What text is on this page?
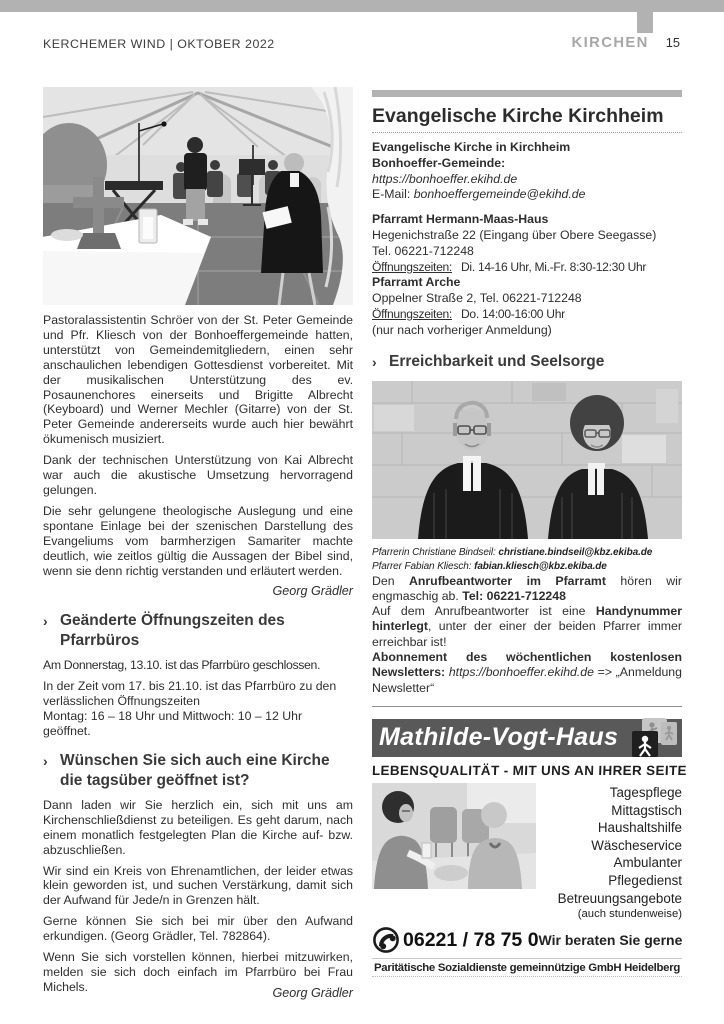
KERCHEMER WIND | OKTOBER 2022	KIRCHEN 15

Pastoralassistentin Schröer von der St. Peter Gemeinde und Pfr. Kliesch von der Bonhoeffergemeinde hatten, unterstützt von Gemeindemitgliedern, einen sehr anschaulichen lebendigen Gottesdienst vorbereitet. Mit der musikalischen Unterstützung des ev. Posaunenchores einerseits und Brigitte Albrecht (Keyboard) und Werner Mechler (Gitarre) von der St. Peter Gemeinde andererseits wurde auch hier bewährt ökumenisch musiziert.

Dank der technischen Unterstützung von Kai Albrecht war auch die akustische Umsetzung hervorragend gelungen.

Die sehr gelungene theologische Auslegung und eine spontane Einlage bei der szenischen Darstellung des Evangeliums vom barmherzigen Samariter machte deutlich, wie zeitlos gültig die Aussagen der Bibel sind, wenn sie denn richtig verstanden und erläutert werden.

Georg Grädler
› Geänderte Öffnungszeiten des Pfarrbüros

Am Donnerstag, 13.10. ist das Pfarrbüro geschlossen.

In der Zeit vom 17. bis 21.10. ist das Pfarrbüro zu den verlässlichen Öffnungszeiten
Montag: 16 – 18 Uhr und Mittwoch: 10 – 12 Uhr geöffnet.

› Wünschen Sie sich auch eine Kirche die tagsüber geöffnet ist?

Dann laden wir Sie herzlich ein, sich mit uns am Kirchenschließdienst zu beteiligen. Es geht darum, nach einem monatlich festgelegten Plan die Kirche auf- bzw. abzuschließen.

Wir sind ein Kreis von Ehrenamtlichen, der leider etwas klein geworden ist, und suchen Verstärkung, damit sich der Aufwand für Jede/n in Grenzen hält.

Gerne können Sie sich bei mir über den Aufwand erkundigen. (Georg Grädler, Tel. 782864).

Wenn Sie sich vorstellen können, hierbei mitzuwirken, melden sie sich doch einfach im Pfarrbüro bei Frau Michels.	Georg Grädler
Evangelische Kirche Kirchheim

Evangelische Kirche in Kirchheim

Bonhoeffer-Gemeinde:

https://bonhoeffer.ekihd.de

E-Mail: bonhoeffergemeinde@ekihd.de

Pfarramt Hermann-Maas-Haus

Hegenichstraße 22 (Eingang über Obere Seegasse)

Tel. 06221-712248

Öffnungszeiten: Di. 14-16 Uhr, Mi.-Fr. 8:30-12:30 Uhr

Pfarramt Arche

Oppelner Straße 2, Tel. 06221-712248

Öffnungszeiten: Do. 14:00-16:00 Uhr

(nur nach vorheriger Anmeldung)

› Erreichbarkeit und Seelsorge
Pfarrerin Christiane Bindseil: christiane.bindseil@kbz.ekiba.de
Pfarrer Fabian Kliesch: fabian.kliesch@kbz.ekiba.de

Den Anrufbeantworter im Pfarramt hören wir engmaschig ab. Tel: 06221-712248

Auf dem Anrufbeantworter ist eine Handynummer hinterlegt, unter der einer der beiden Pfarrer immer erreichbar ist!

Abonnement des wöchentlichen kostenlosen Newsletters: https://bonhoeffer.ekihd.de => „Anmeldung Newsletter“

Mathilde-Vogt-Haus
LEBENSQUALITÄT - MIT UNS AN IHRER SEITE
Tagespflege
Mittagstisch
Haushaltshilfe
Wäscheservice
Ambulanter Pflegedienst
Betreuungsangebote
(auch stundenweise)
06221 / 78 75 0 Wir beraten Sie gerne
Paritätische Sozialdienste gemeinnützige GmbH Heidelberg
